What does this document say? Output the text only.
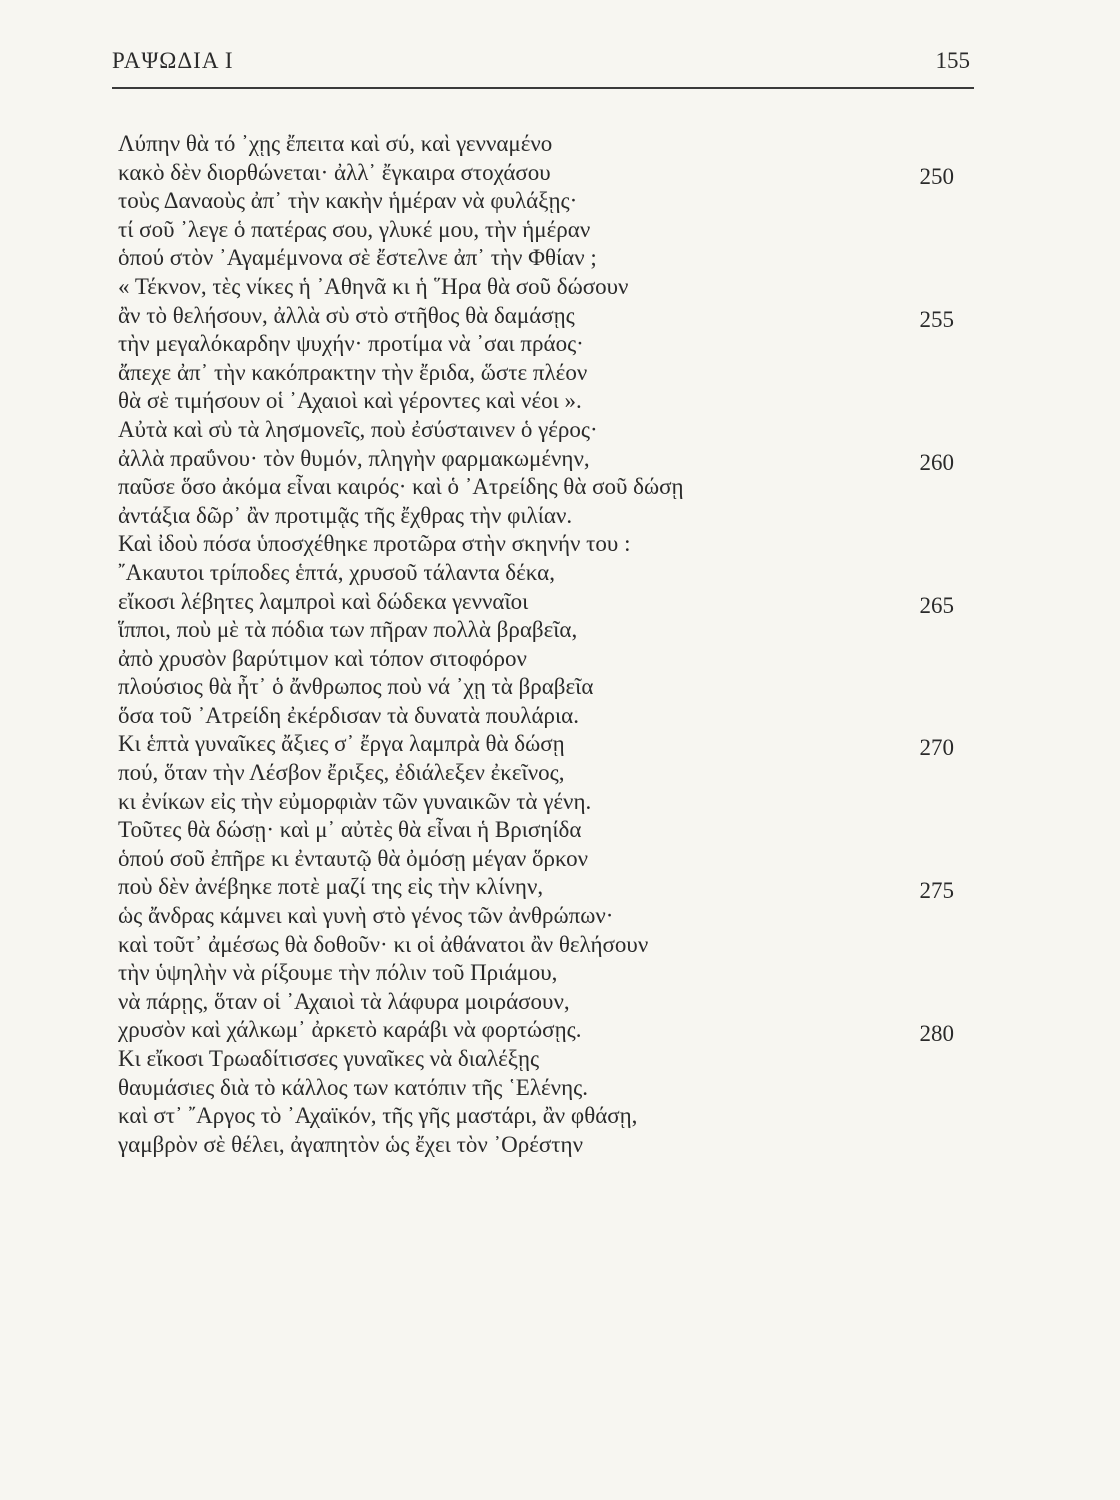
ΡΑΨΩΔΙΑ Ι	155
Λύπην θὰ τό ᾽χῃς ἔπειτα καὶ σύ, καὶ γενναμένο
κακὸ δὲν διορθώνεται· ἀλλ᾽ ἔγκαιρα στοχάσου	250
τοὺς Δαναοὺς ἀπ᾽ τὴν κακὴν ἡμέραν νὰ φυλάξῃς·
τί σοῦ ᾽λεγε ὁ πατέρας σου, γλυκέ μου, τὴν ἡμέραν
ὁπού στὸν ᾽Αγαμέμνονα σὲ ἔστελνε ἀπ᾽ τὴν Φθίαν ;
« Τέκνον, τὲς νίκες ἡ ᾽Αθηνᾶ κι ἡ ῞Ηρα θὰ σοῦ δώσουν
ἂν τὸ θελήσουν, ἀλλὰ σὺ στὸ στῆθος θὰ δαμάσῃς	255
τὴν μεγαλόκαρδην ψυχήν· προτίμα νὰ ᾽σαι πράος·
ἄπεχε ἀπ᾽ τὴν κακόπρακτην τὴν ἔριδα, ὥστε πλέον
θὰ σὲ τιμήσουν οἱ ᾽Αχαιοὶ καὶ γέροντες καὶ νέοι ».
Αὐτὰ καὶ σὺ τὰ λησμονεῖς, ποὺ ἐσύσταινεν ὁ γέρος·
ἀλλὰ πραΰνου· τὸν θυμόν, πληγὴν φαρμακωμένην,	260
παῦσε ὅσο ἀκόμα εἶναι καιρός· καὶ ὁ ᾽Ατρείδης θὰ σοῦ δώσῃ
ἀντάξια δῶρ᾽ ἂν προτιμᾷς τῆς ἔχθρας τὴν φιλίαν.
Καὶ ἰδοὺ πόσα ὑποσχέθηκε προτῶρα στὴν σκηνήν του :
῎Ακαυτοι τρίποδες ἑπτά, χρυσοῦ τάλαντα δέκα,
εἴκοσι λέβητες λαμπροὶ καὶ δώδεκα γενναῖοι	265
ἵπποι, ποὺ μὲ τὰ πόδια των πῆραν πολλὰ βραβεῖα,
ἀπὸ χρυσὸν βαρύτιμον καὶ τόπον σιτοφόρον
πλούσιος θὰ ἦτ᾽ ὁ ἄνθρωπος ποὺ νά ᾽χῃ τὰ βραβεῖα
ὅσα τοῦ ᾽Ατρείδη ἐκέρδισαν τὰ δυνατὰ πουλάρια.
Κι ἑπτὰ γυναῖκες ἄξιες σ᾽ ἔργα λαμπρὰ θὰ δώσῃ	270
πού, ὅταν τὴν Λέσβον ἔριξες, ἐδιάλεξεν ἐκεῖνος,
κι ἐνίκων εἰς τὴν εὐμορφιὰν τῶν γυναικῶν τὰ γένη.
Τοῦτες θὰ δώσῃ· καὶ μ᾽ αὐτὲς θὰ εἶναι ἡ Βρισηίδα
ὁπού σοῦ ἐπῆρε κι ἐνταυτῷ θὰ ὀμόσῃ μέγαν ὅρκον
ποὺ δὲν ἀνέβηκε ποτὲ μαζί της εἰς τὴν κλίνην,	275
ὡς ἄνδρας κάμνει καὶ γυνὴ στὸ γένος τῶν ἀνθρώπων·
καὶ τοῦτ᾽ ἀμέσως θὰ δοθοῦν· κι οἱ ἀθάνατοι ἂν θελήσουν
τὴν ὑψηλὴν νὰ ρίξουμε τὴν πόλιν τοῦ Πριάμου,
νὰ πάρῃς, ὅταν οἱ ᾽Αχαιοὶ τὰ λάφυρα μοιράσουν,
χρυσὸν καὶ χάλκωμ᾽ ἀρκετὸ καράβι νὰ φορτώσῃς.	280
Κι εἴκοσι Τρωαδίτισσες γυναῖκες νὰ διαλέξῃς
θαυμάσιες διὰ τὸ κάλλος των κατόπιν τῆς ῾Ελένης.
καὶ στ᾽ ῎Αργος τὸ ᾽Αχαϊκόν, τῆς γῆς μαστάρι, ἂν φθάσῃ,
γαμβρὸν σὲ θέλει, ἀγαπητὸν ὡς ἔχει τὸν ᾽Ορέστην
